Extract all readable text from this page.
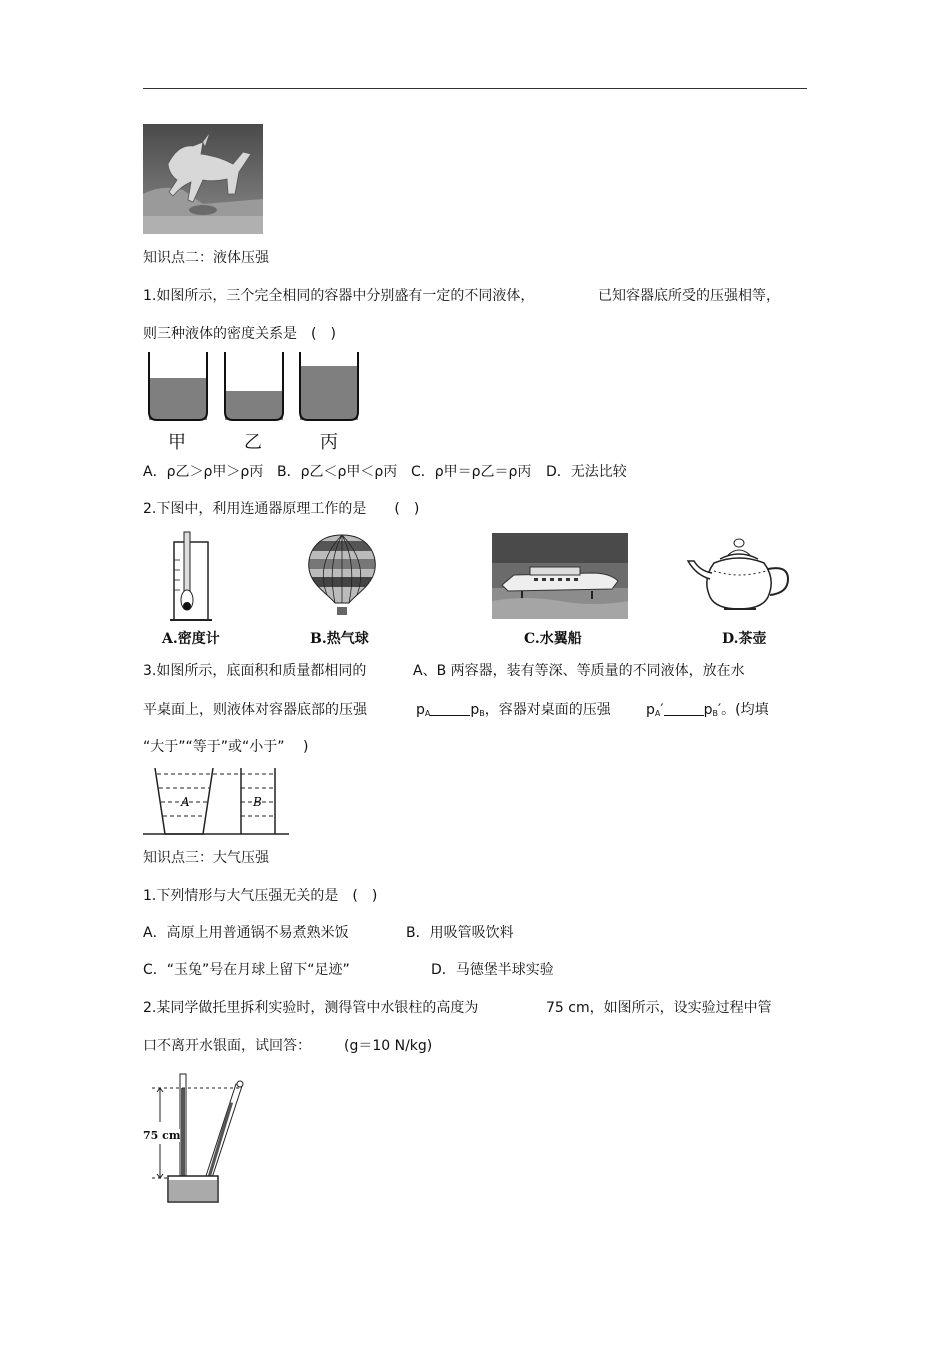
知识点二：液体压强
1.如图所示，三个完全相同的容器中分别盛有一定的不同液体，	已知容器底所受的压强相等，
则三种液体的密度关系是　(　)
甲	乙	丙
A．ρ乙＞ρ甲＞ρ丙 B．ρ乙＜ρ甲＜ρ丙 C．ρ甲＝ρ乙＝ρ丙 D．无法比较
2.下图中，利用连通器原理工作的是　　(　)
A.密度计	B.热气球	C.水翼船	D.茶壶
3.如图所示，底面积和质量都相同的	A、B 两容器，装有等深、等质量的不同液体，放在水
平桌面上，则液体对容器底部的压强	$p_A$	$p_B$，容器对桌面的压强	$p_A'$	$p_B'$。(均填
“大于”“等于”或“小于”　 )
A	B
知识点三：大气压强
1.下列情形与大气压强无关的是　(　)
A．高原上用普通锅不易煮熟米饭	B．用吸管吸饮料
C．“玉兔”号在月球上留下“足迹”	D．马德堡半球实验
2.某同学做托里拆利实验时，测得管中水银柱的高度为	75 cm，如图所示，设实验过程中管
口不离开水银面，试回答： (g＝10 N/kg)
75 cm
